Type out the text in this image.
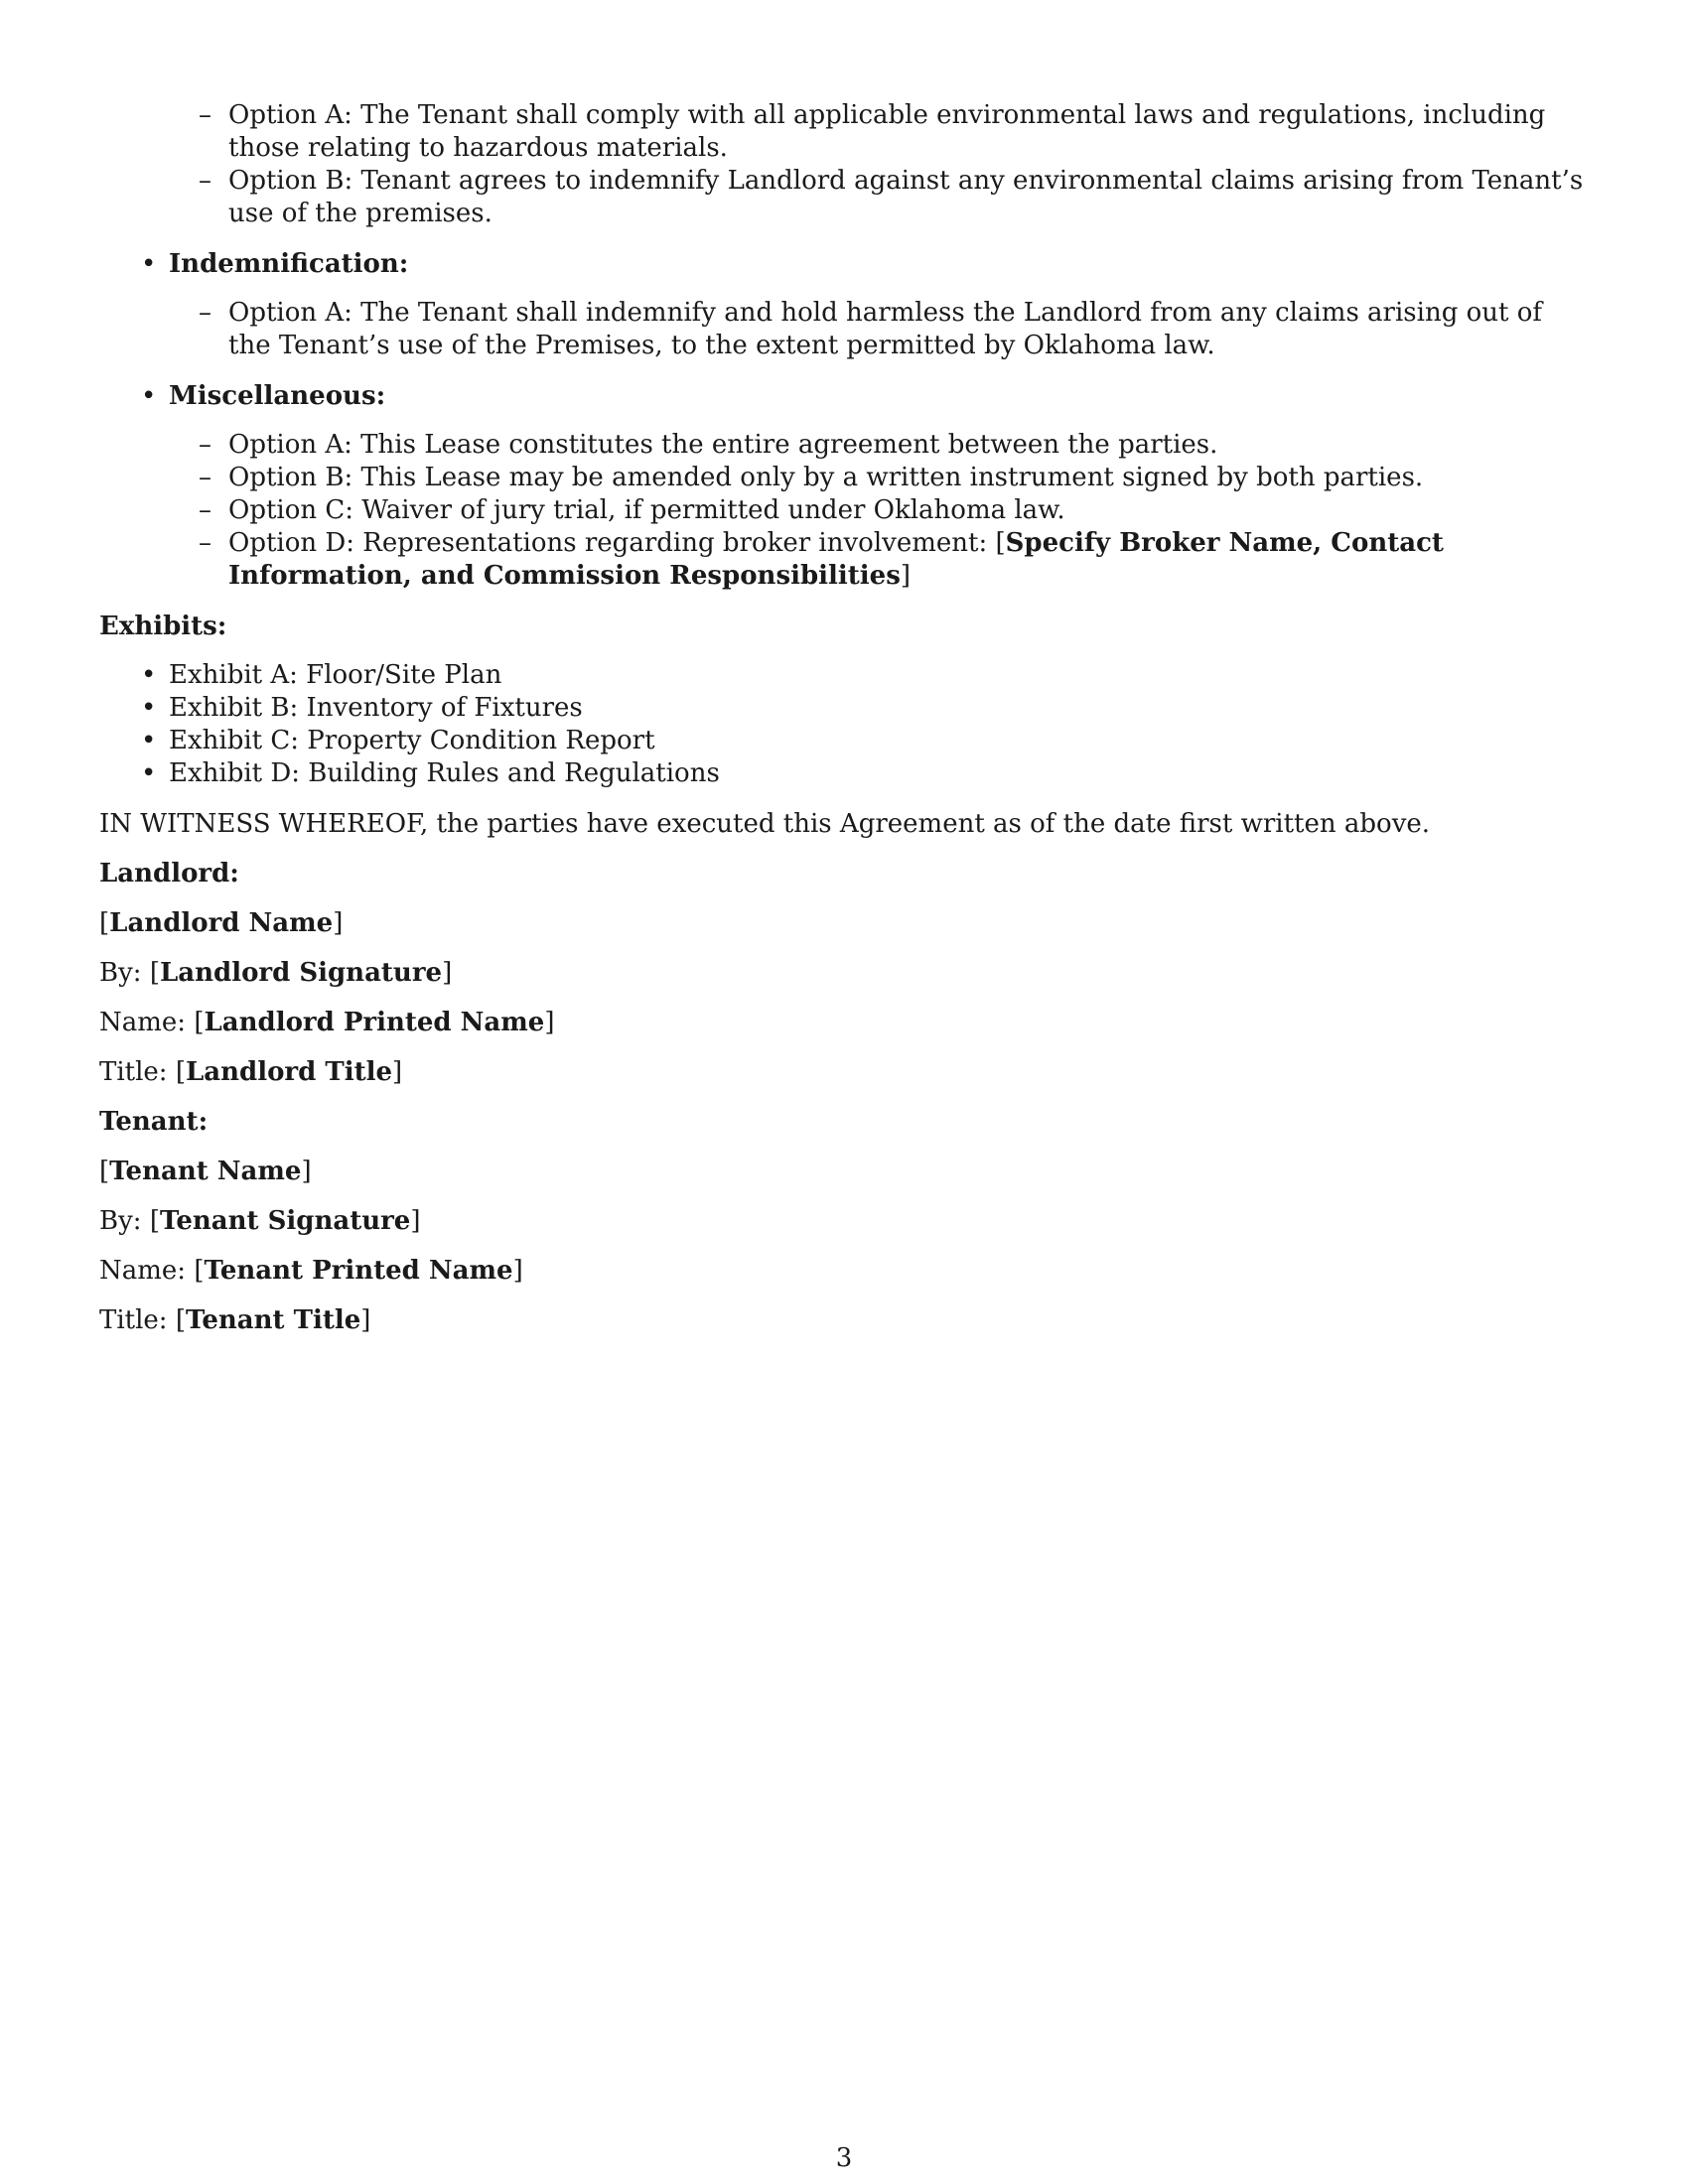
– Option A: The Tenant shall comply with all applicable environmental laws and regulations, including those relating to hazardous materials.
– Option B: Tenant agrees to indemnify Landlord against any environmental claims arising from Tenant’s use of the premises.
• Indemnification:
– Option A: The Tenant shall indemnify and hold harmless the Landlord from any claims arising out of the Tenant’s use of the Premises, to the extent permitted by Oklahoma law.
• Miscellaneous:
– Option A: This Lease constitutes the entire agreement between the parties.
– Option B: This Lease may be amended only by a written instrument signed by both parties.
– Option C: Waiver of jury trial, if permitted under Oklahoma law.
– Option D: Representations regarding broker involvement: [Specify Broker Name, Contact Information, and Commission Responsibilities]
Exhibits:
• Exhibit A: Floor/Site Plan
• Exhibit B: Inventory of Fixtures
• Exhibit C: Property Condition Report
• Exhibit D: Building Rules and Regulations

IN WITNESS WHEREOF, the parties have executed this Agreement as of the date first written above.

Landlord:

[Landlord Name]

By: [Landlord Signature]

Name: [Landlord Printed Name]

Title: [Landlord Title]

Tenant:

[Tenant Name]

By: [Tenant Signature]

Name: [Tenant Printed Name]

Title: [Tenant Title]

3
